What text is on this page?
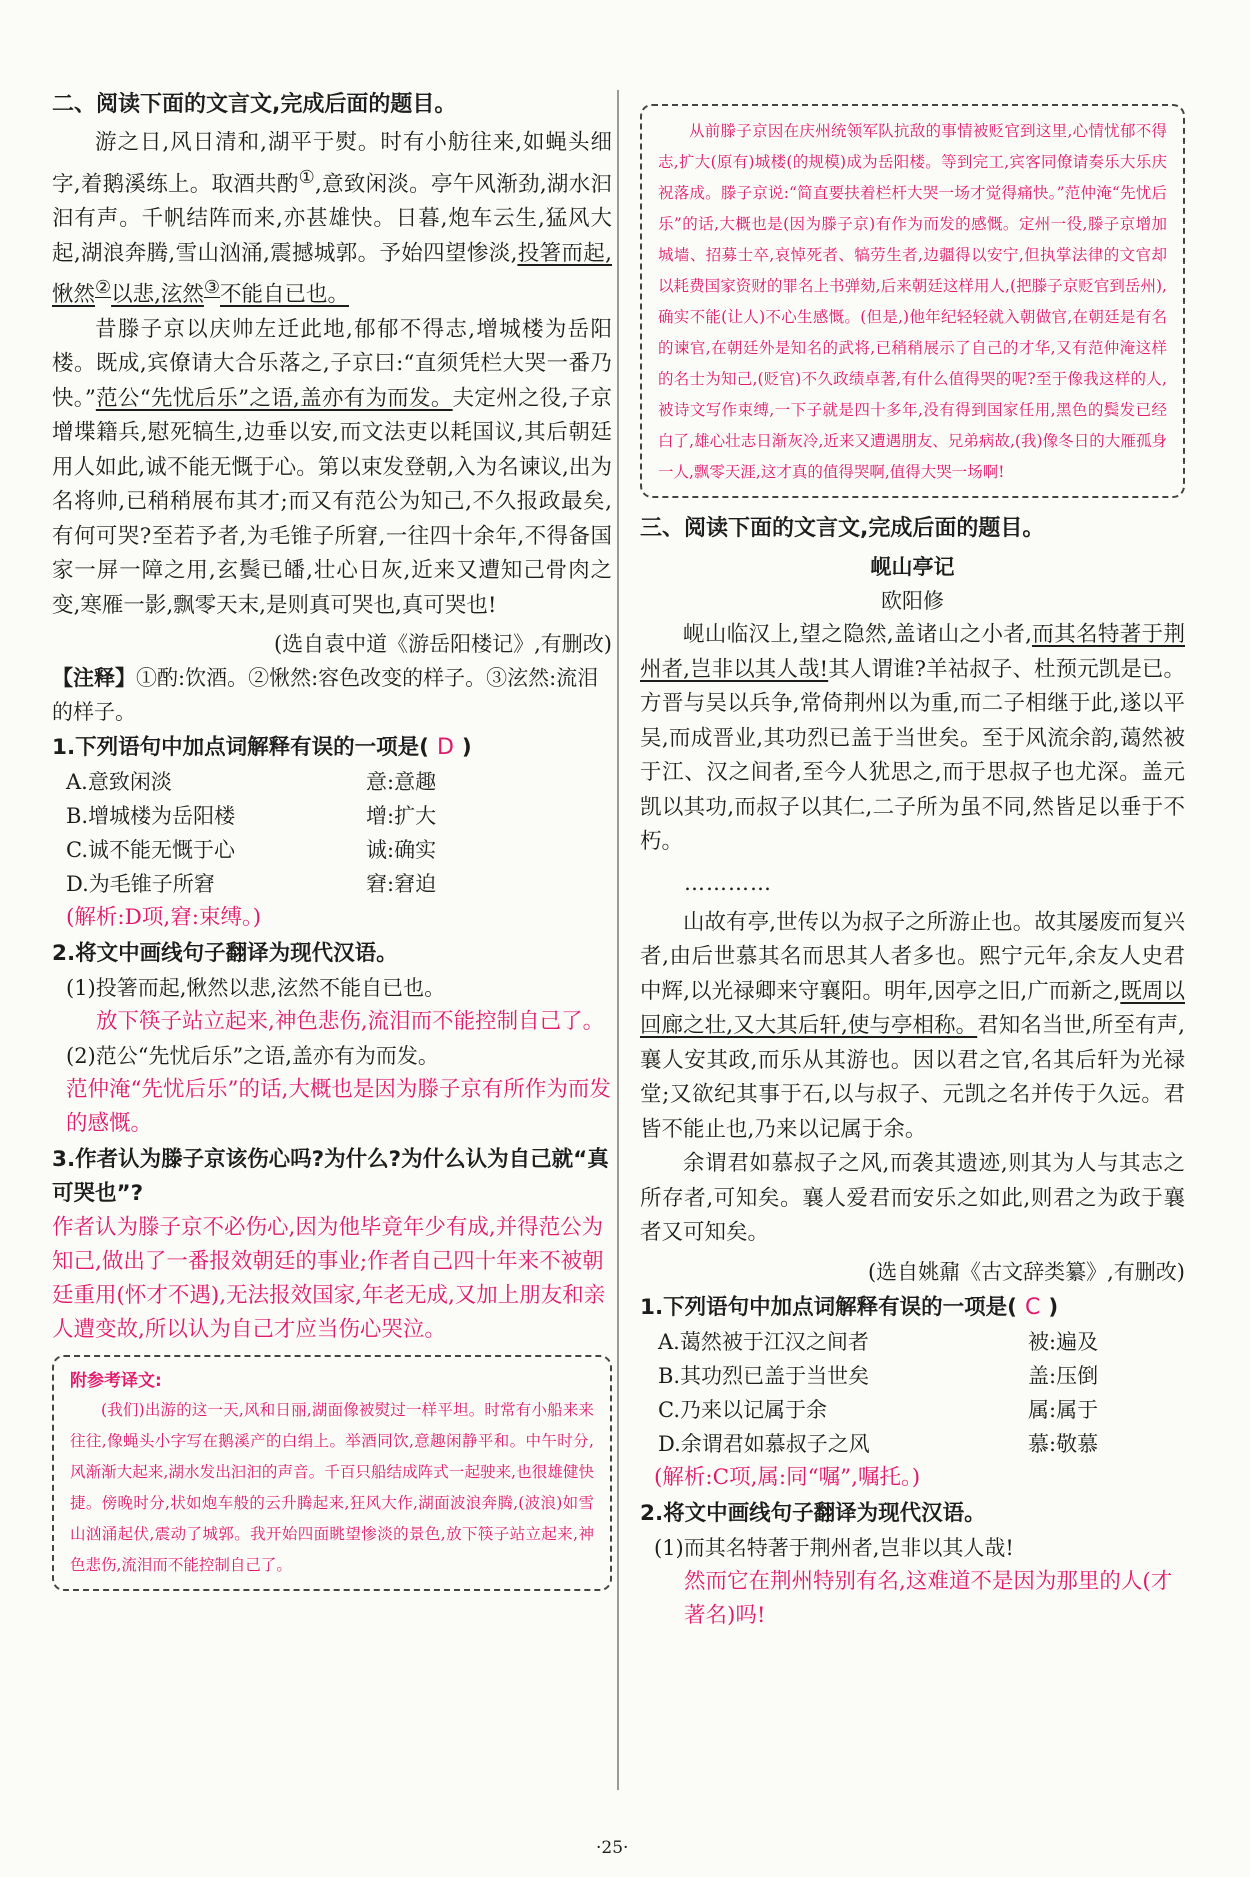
二、阅读下面的文言文,完成后面的题目。

游之日,风日清和,湖平于熨。时有小舫往来,如蝇头细字,着鹅溪练上。取酒共酌①,意致闲淡。亭午风渐劲,湖水汩汩有声。千帆结阵而来,亦甚雄快。日暮,炮车云生,猛风大起,湖浪奔腾,雪山汹涌,震撼城郭。予始四望惨淡,投箸而起,愀然②以悲,泫然③不能自已也。

昔滕子京以庆帅左迁此地,郁郁不得志,增城楼为岳阳楼。既成,宾僚请大合乐落之,子京曰:“直须凭栏大哭一番乃快。”范公“先忧后乐”之语,盖亦有为而发。夫定州之役,子京增堞籍兵,慰死犒生,边垂以安,而文法吏以耗国议,其后朝廷用人如此,诚不能无慨于心。第以束发登朝,入为名谏议,出为名将帅,已稍稍展布其才;而又有范公为知己,不久报政最矣,有何可哭?至若予者,为毛锥子所窘,一往四十余年,不得备国家一屏一障之用,玄鬓已皤,壮心日灰,近来又遭知己骨肉之变,寒雁一影,飘零天末,是则真可哭也,真可哭也!

(选自袁中道《游岳阳楼记》,有删改)

【注释】①酌:饮酒。②愀然:容色改变的样子。③泫然:流泪的样子。

1.下列语句中加点词解释有误的一项是( D )

A.意致闲淡	意:意趣
B.增城楼为岳阳楼	增:扩大
C.诚不能无慨于心	诚:确实
D.为毛锥子所窘	窘:窘迫

(解析:D项,窘:束缚。)

2.将文中画线句子翻译为现代汉语。

(1)投箸而起,愀然以悲,泫然不能自已也。

放下筷子站立起来,神色悲伤,流泪而不能控制自己了。

(2)范公“先忧后乐”之语,盖亦有为而发。

范仲淹“先忧后乐”的话,大概也是因为滕子京有所作为而发的感慨。

3.作者认为滕子京该伤心吗?为什么?为什么认为自己就“真可哭也”?

作者认为滕子京不必伤心,因为他毕竟年少有成,并得范公为知己,做出了一番报效朝廷的事业;作者自己四十年来不被朝廷重用(怀才不遇),无法报效国家,年老无成,又加上朋友和亲人遭变故,所以认为自己才应当伤心哭泣。

附参考译文:

(我们)出游的这一天,风和日丽,湖面像被熨过一样平坦。时常有小船来来往往,像蝇头小字写在鹅溪产的白绢上。举酒同饮,意趣闲静平和。中午时分,风渐渐大起来,湖水发出汩汩的声音。千百只船结成阵式一起驶来,也很雄健快捷。傍晚时分,状如炮车般的云升腾起来,狂风大作,湖面波浪奔腾,(波浪)如雪山汹涌起伏,震动了城郭。我开始四面眺望惨淡的景色,放下筷子站立起来,神色悲伤,流泪而不能控制自己了。

从前滕子京因在庆州统领军队抗敌的事情被贬官到这里,心情忧郁不得志,扩大(原有)城楼(的规模)成为岳阳楼。等到完工,宾客同僚请奏乐大乐庆祝落成。滕子京说:“简直要扶着栏杆大哭一场才觉得痛快。”范仲淹“先忧后乐”的话,大概也是(因为滕子京)有作为而发的感慨。定州一役,滕子京增加城墙、招募士卒,哀悼死者、犒劳生者,边疆得以安宁,但执掌法律的文官却以耗费国家资财的罪名上书弹劾,后来朝廷这样用人,(把滕子京贬官到岳州),确实不能(让人)不心生感慨。(但是,)他年纪轻轻就入朝做官,在朝廷是有名的谏官,在朝廷外是知名的武将,已稍稍展示了自己的才华,又有范仲淹这样的名士为知己,(贬官)不久政绩卓著,有什么值得哭的呢?至于像我这样的人,被诗文写作束缚,一下子就是四十多年,没有得到国家任用,黑色的鬓发已经白了,雄心壮志日渐灰冷,近来又遭遇朋友、兄弟病故,(我)像冬日的大雁孤身一人,飘零天涯,这才真的值得哭啊,值得大哭一场啊!

三、阅读下面的文言文,完成后面的题目。

岘山亭记

欧阳修

岘山临汉上,望之隐然,盖诸山之小者,而其名特著于荆州者,岂非以其人哉!其人谓谁?羊祜叔子、杜预元凯是已。方晋与吴以兵争,常倚荆州以为重,而二子相继于此,遂以平吴,而成晋业,其功烈已盖于当世矣。至于风流余韵,蔼然被于江、汉之间者,至今人犹思之,而于思叔子也尤深。盖元凯以其功,而叔子以其仁,二子所为虽不同,然皆足以垂于不朽。

…………

山故有亭,世传以为叔子之所游止也。故其屡废而复兴者,由后世慕其名而思其人者多也。熙宁元年,余友人史君中辉,以光禄卿来守襄阳。明年,因亭之旧,广而新之,既周以回廊之壮,又大其后轩,使与亭相称。君知名当世,所至有声,襄人安其政,而乐从其游也。因以君之官,名其后轩为光禄堂;又欲纪其事于石,以与叔子、元凯之名并传于久远。君皆不能止也,乃来以记属于余。

余谓君如慕叔子之风,而袭其遗迹,则其为人与其志之所存者,可知矣。襄人爱君而安乐之如此,则君之为政于襄者又可知矣。

(选自姚鼐《古文辞类纂》,有删改)

1.下列语句中加点词解释有误的一项是( C )

A.蔼然被于江汉之间者	被:遍及
B.其功烈已盖于当世矣	盖:压倒
C.乃来以记属于余	属:属于
D.余谓君如慕叔子之风	慕:敬慕

(解析:C项,属:同“嘱”,嘱托。)

2.将文中画线句子翻译为现代汉语。

(1)而其名特著于荆州者,岂非以其人哉!

然而它在荆州特别有名,这难道不是因为那里的人(才著名)吗!

·25·
